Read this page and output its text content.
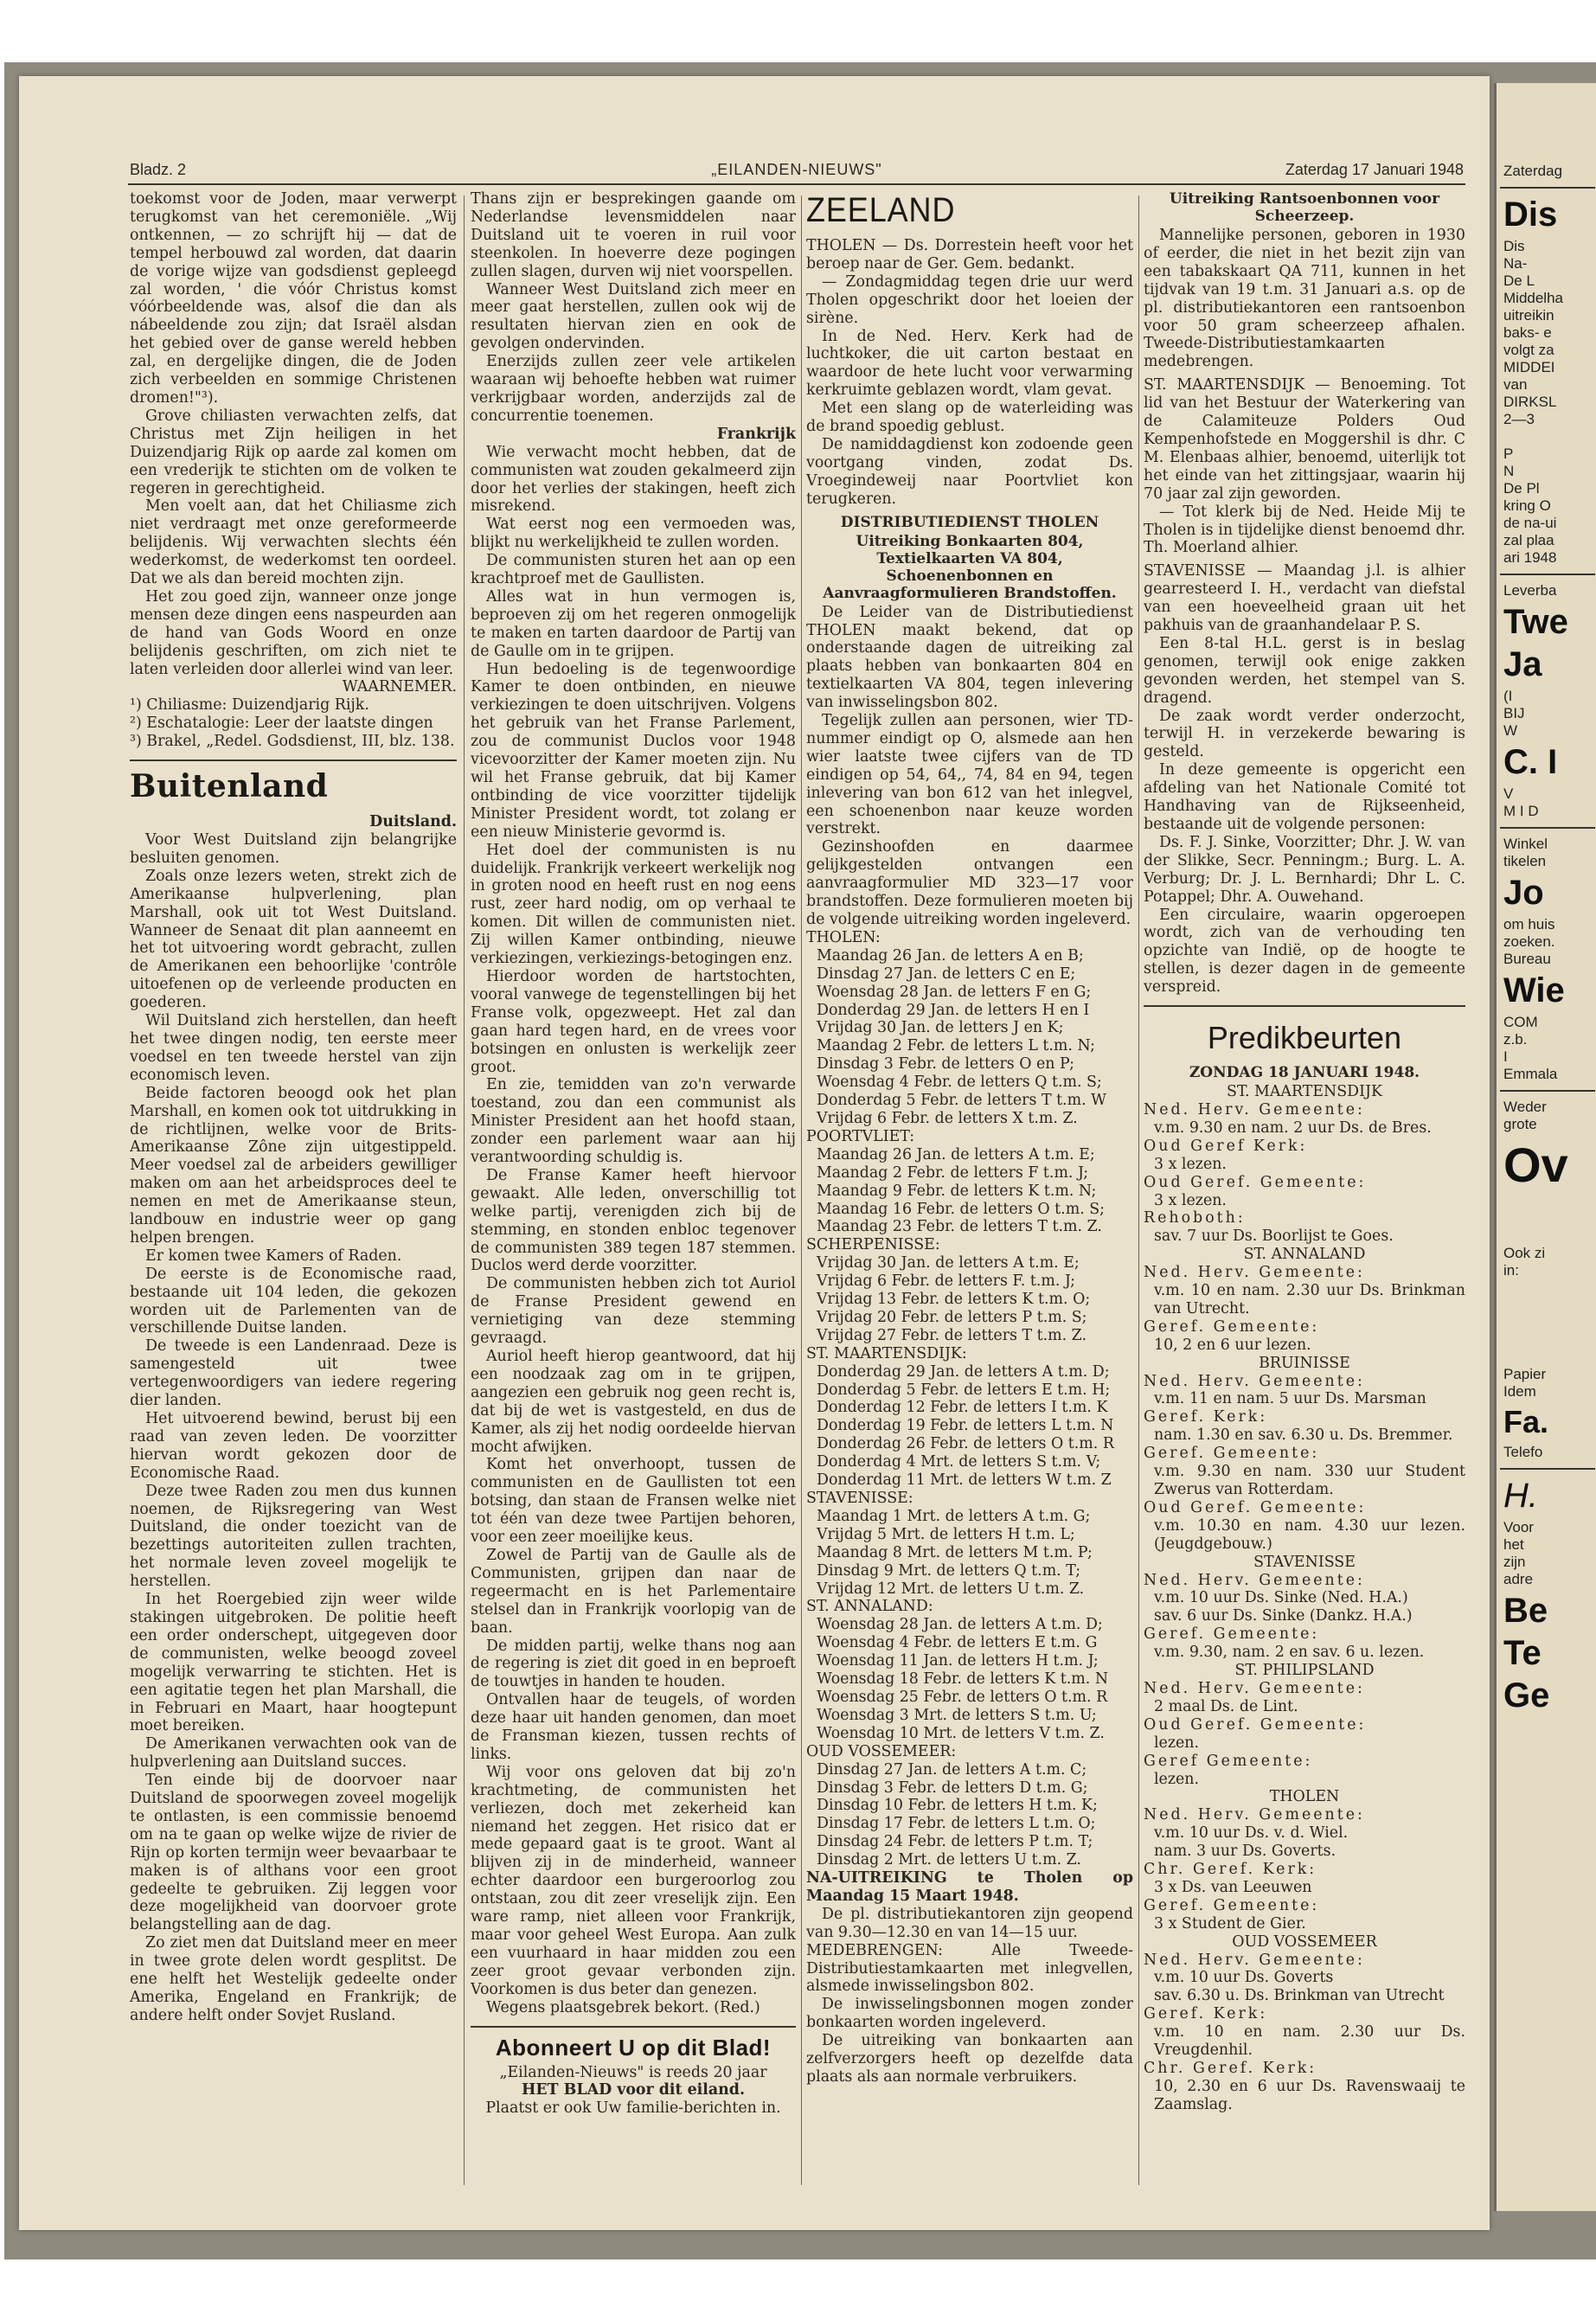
Zaterdag
Dis
Dis
Na-
De L
Middelha
uitreikin
baks- e
volgt za
MIDDEI
van
DIRKSL
2—3
P
N
De Pl
kring O
de na-ui
zal plaa
ari 1948
Leverba
Twe
Ja
(I
BIJ
W
C. I
V
M I D
Winkel
tikelen
Jo
om huis
zoeken.
Bureau
Wie
COM
z.b.
I
Emmala
Weder
grote
Ov
Ook zi
in:
Papier
Idem
Fa.
Telefo
H.
Voor
het
zijn
adre
Be
Te
Ge
Bladz. 2	„EILANDEN-NIEUWS"	Zaterdag 17 Januari 1948

toekomst voor de Joden, maar verwerpt terugkomst van het ceremoniële. „Wij ontkennen, — zo schrijft hij — dat de tempel herbouwd zal worden, dat daarin de vorige wijze van godsdienst gepleegd zal worden, ' die vóór Christus komst vóórbeeldende was, alsof die dan als nábeeldende zou zijn; dat Israël alsdan het gebied over de ganse wereld hebben zal, en dergelijke dingen, die de Joden zich verbeelden en sommige Christenen dromen!"³).

Grove chiliasten verwachten zelfs, dat Christus met Zijn heiligen in het Duizendjarig Rijk op aarde zal komen om een vrederijk te stichten om de volken te regeren in gerechtigheid.

Men voelt aan, dat het Chiliasme zich niet verdraagt met onze gereformeerde belijdenis. Wij verwachten slechts één wederkomst, de wederkomst ten oordeel. Dat we als dan bereid mochten zijn.

Het zou goed zijn, wanneer onze jonge mensen deze dingen eens naspeurden aan de hand van Gods Woord en onze belijdenis geschriften, om zich niet te laten verleiden door allerlei wind van leer.

WAARNEMER.

¹) Chiliasme: Duizendjarig Rijk.

²) Eschatalogie: Leer der laatste dingen

³) Brakel, „Redel. Godsdienst, III, blz. 138.

Buitenland

Duitsland.

Voor West Duitsland zijn belangrijke besluiten genomen.

Zoals onze lezers weten, strekt zich de Amerikaanse hulpverlening, plan Marshall, ook uit tot West Duitsland. Wanneer de Senaat dit plan aanneemt en het tot uitvoering wordt gebracht, zullen de Amerikanen een behoorlijke 'contrôle uitoefenen op de verleende producten en goederen.

Wil Duitsland zich herstellen, dan heeft het twee dingen nodig, ten eerste meer voedsel en ten tweede herstel van zijn economisch leven.

Beide factoren beoogd ook het plan Marshall, en komen ook tot uitdrukking in de richtlijnen, welke voor de Brits-Amerikaanse Zône zijn uitgestippeld. Meer voedsel zal de arbeiders gewilliger maken om aan het arbeidsproces deel te nemen en met de Amerikaanse steun, landbouw en industrie weer op gang helpen brengen.

Er komen twee Kamers of Raden.

De eerste is de Economische raad, bestaande uit 104 leden, die gekozen worden uit de Parlementen van de verschillende Duitse landen.

De tweede is een Landenraad. Deze is samengesteld uit twee vertegenwoordigers van iedere regering dier landen.

Het uitvoerend bewind, berust bij een raad van zeven leden. De voorzitter hiervan wordt gekozen door de Economische Raad.

Deze twee Raden zou men dus kunnen noemen, de Rijksregering van West Duitsland, die onder toezicht van de bezettings autoriteiten zullen trachten, het normale leven zoveel mogelijk te herstellen.

In het Roergebied zijn weer wilde stakingen uitgebroken. De politie heeft een order onderschept, uitgegeven door de communisten, welke beoogd zoveel mogelijk verwarring te stichten. Het is een agitatie tegen het plan Marshall, die in Februari en Maart, haar hoogtepunt moet bereiken.

De Amerikanen verwachten ook van de hulpverlening aan Duitsland succes.

Ten einde bij de doorvoer naar Duitsland de spoorwegen zoveel mogelijk te ontlasten, is een commissie benoemd om na te gaan op welke wijze de rivier de Rijn op korten termijn weer bevaarbaar te maken is of althans voor een groot gedeelte te gebruiken. Zij leggen voor deze mogelijkheid van doorvoer grote belangstelling aan de dag.

Zo ziet men dat Duitsland meer en meer in twee grote delen wordt gesplitst. De ene helft het Westelijk gedeelte onder Amerika, Engeland en Frankrijk; de andere helft onder Sovjet Rusland.

Thans zijn er besprekingen gaande om Nederlandse levensmiddelen naar Duitsland uit te voeren in ruil voor steenkolen. In hoeverre deze pogingen zullen slagen, durven wij niet voorspellen.

Wanneer West Duitsland zich meer en meer gaat herstellen, zullen ook wij de resultaten hiervan zien en ook de gevolgen ondervinden.

Enerzijds zullen zeer vele artikelen waaraan wij behoefte hebben wat ruimer verkrijgbaar worden, anderzijds zal de concurrentie toenemen.

Frankrijk

Wie verwacht mocht hebben, dat de communisten wat zouden gekalmeerd zijn door het verlies der stakingen, heeft zich misrekend.

Wat eerst nog een vermoeden was, blijkt nu werkelijkheid te zullen worden.

De communisten sturen het aan op een krachtproef met de Gaullisten.

Alles wat in hun vermogen is, beproeven zij om het regeren onmogelijk te maken en tarten daardoor de Partij van de Gaulle om in te grijpen.

Hun bedoeling is de tegenwoordige Kamer te doen ontbinden, en nieuwe verkiezingen te doen uitschrijven. Volgens het gebruik van het Franse Parlement, zou de communist Duclos voor 1948 vicevoorzitter der Kamer moeten zijn. Nu wil het Franse gebruik, dat bij Kamer ontbinding de vice voorzitter tijdelijk Minister President wordt, tot zolang er een nieuw Ministerie gevormd is.

Het doel der communisten is nu duidelijk. Frankrijk verkeert werkelijk nog in groten nood en heeft rust en nog eens rust, zeer hard nodig, om op verhaal te komen. Dit willen de communisten niet. Zij willen Kamer ontbinding, nieuwe verkiezingen, verkiezings-betogingen enz.

Hierdoor worden de hartstochten, vooral vanwege de tegenstellingen bij het Franse volk, opgezweept. Het zal dan gaan hard tegen hard, en de vrees voor botsingen en onlusten is werkelijk zeer groot.

En zie, temidden van zo'n verwarde toestand, zou dan een communist als Minister President aan het hoofd staan, zonder een parlement waar aan hij verantwoording schuldig is.

De Franse Kamer heeft hiervoor gewaakt. Alle leden, onverschillig tot welke partij, verenigden zich bij de stemming, en stonden enbloc tegenover de communisten 389 tegen 187 stemmen. Duclos werd derde voorzitter.

De communisten hebben zich tot Auriol de Franse President gewend en vernietiging van deze stemming gevraagd.

Auriol heeft hierop geantwoord, dat hij een noodzaak zag om in te grijpen, aangezien een gebruik nog geen recht is, dat bij de wet is vastgesteld, en dus de Kamer, als zij het nodig oordeelde hiervan mocht afwijken.

Komt het onverhoopt, tussen de communisten en de Gaullisten tot een botsing, dan staan de Fransen welke niet tot één van deze twee Partijen behoren, voor een zeer moeilijke keus.

Zowel de Partij van de Gaulle als de Communisten, grijpen dan naar de regeermacht en is het Parlementaire stelsel dan in Frankrijk voorlopig van de baan.

De midden partij, welke thans nog aan de regering is ziet dit goed in en beproeft de touwtjes in handen te houden.

Ontvallen haar de teugels, of worden deze haar uit handen genomen, dan moet de Fransman kiezen, tussen rechts of links.

Wij voor ons geloven dat bij zo'n krachtmeting, de communisten het verliezen, doch met zekerheid kan niemand het zeggen. Het risico dat er mede gepaard gaat is te groot. Want al blijven zij in de minderheid, wanneer echter daardoor een burgeroorlog zou ontstaan, zou dit zeer vreselijk zijn. Een ware ramp, niet alleen voor Frankrijk, maar voor geheel West Europa. Aan zulk een vuurhaard in haar midden zou een zeer groot gevaar verbonden zijn. Voorkomen is dus beter dan genezen.

Wegens plaatsgebrek bekort. (Red.)

Abonneert U op dit Blad!

„Eilanden-Nieuws" is reeds 20 jaar

HET BLAD voor dit eiland.

Plaatst er ook Uw familie-berichten in.

ZEELAND

THOLEN — Ds. Dorrestein heeft voor het beroep naar de Ger. Gem. bedankt.

— Zondagmiddag tegen drie uur werd Tholen opgeschrikt door het loeien der sirène.

In de Ned. Herv. Kerk had de luchtkoker, die uit carton bestaat en waardoor de hete lucht voor verwarming kerkruimte geblazen wordt, vlam gevat.

Met een slang op de waterleiding was de brand spoedig geblust.

De namiddagdienst kon zodoende geen voortgang vinden, zodat Ds. Vroegindeweij naar Poortvliet kon terugkeren.

DISTRIBUTIEDIENST THOLEN
Uitreiking Bonkaarten 804, Textielkaarten VA 804, Schoenenbonnen en Aanvraagformulieren Brandstoffen.

De Leider van de Distributiedienst THOLEN maakt bekend, dat op onderstaande dagen de uitreiking zal plaats hebben van bonkaarten 804 en textielkaarten VA 804, tegen inlevering van inwisselingsbon 802.

Tegelijk zullen aan personen, wier TD-nummer eindigt op O, alsmede aan hen wier laatste twee cijfers van de TD eindigen op 54, 64,, 74, 84 en 94, tegen inlevering van bon 612 van het inlegvel, een schoenenbon naar keuze worden verstrekt.

Gezinshoofden en daarmee gelijkgestelden ontvangen een aanvraagformulier MD 323—17 voor brandstoffen. Deze formulieren moeten bij de volgende uitreiking worden ingeleverd.

THOLEN:

Maandag 26 Jan. de letters A en B;

Dinsdag 27 Jan. de letters C en E;

Woensdag 28 Jan. de letters F en G;

Donderdag 29 Jan. de letters H en I

Vrijdag 30 Jan. de letters J en K;

Maandag 2 Febr. de letters L t.m. N;

Dinsdag 3 Febr. de letters O en P;

Woensdag 4 Febr. de letters Q t.m. S;

Donderdag 5 Febr. de letters T t.m. W

Vrijdag 6 Febr. de letters X t.m. Z.

POORTVLIET:

Maandag 26 Jan. de letters A t.m. E;

Maandag 2 Febr. de letters F t.m. J;

Maandag 9 Febr. de letters K t.m. N;

Maandag 16 Febr. de letters O t.m. S;

Maandag 23 Febr. de letters T t.m. Z.

SCHERPENISSE:

Vrijdag 30 Jan. de letters A t.m. E;

Vrijdag 6 Febr. de letters F. t.m. J;

Vrijdag 13 Febr. de letters K t.m. O;

Vrijdag 20 Febr. de letters P t.m. S;

Vrijdag 27 Febr. de letters T t.m. Z.

ST. MAARTENSDIJK:

Donderdag 29 Jan. de letters A t.m. D;

Donderdag 5 Febr. de letters E t.m. H;

Donderdag 12 Febr. de letters I t.m. K

Donderdag 19 Febr. de letters L t.m. N

Donderdag 26 Febr. de letters O t.m. R

Donderdag 4 Mrt. de letters S t.m. V;

Donderdag 11 Mrt. de letters W t.m. Z

STAVENISSE:

Maandag 1 Mrt. de letters A t.m. G;

Vrijdag 5 Mrt. de letters H t.m. L;

Maandag 8 Mrt. de letters M t.m. P;

Dinsdag 9 Mrt. de letters Q t.m. T;

Vrijdag 12 Mrt. de letters U t.m. Z.

ST. ANNALAND:

Woensdag 28 Jan. de letters A t.m. D;

Woensdag 4 Febr. de letters E t.m. G

Woensdag 11 Jan. de letters H t.m. J;

Woensdag 18 Febr. de letters K t.m. N

Woensdag 25 Febr. de letters O t.m. R

Woensdag 3 Mrt. de letters S t.m. U;

Woensdag 10 Mrt. de letters V t.m. Z.

OUD VOSSEMEER:

Dinsdag 27 Jan. de letters A t.m. C;

Dinsdag 3 Febr. de letters D t.m. G;

Dinsdag 10 Febr. de letters H t.m. K;

Dinsdag 17 Febr. de letters L t.m. O;

Dinsdag 24 Febr. de letters P t.m. T;

Dinsdag 2 Mrt. de letters U t.m. Z.

NA-UITREIKING te Tholen op Maandag 15 Maart 1948.

De pl. distributiekantoren zijn geopend van 9.30—12.30 en van 14—15 uur.

MEDEBRENGEN: Alle Tweede-Distributiestamkaarten met inlegvellen, alsmede inwisselingsbon 802.

De inwisselingsbonnen mogen zonder bonkaarten worden ingeleverd.

De uitreiking van bonkaarten aan zelfverzorgers heeft op dezelfde data plaats als aan normale verbruikers.

Uitreiking Rantsoenbonnen voor Scheerzeep.

Mannelijke personen, geboren in 1930 of eerder, die niet in het bezit zijn van een tabakskaart QA 711, kunnen in het tijdvak van 19 t.m. 31 Januari a.s. op de pl. distributiekantoren een rantsoenbon voor 50 gram scheerzeep afhalen. Tweede-Distributiestamkaarten medebrengen.

ST. MAARTENSDIJK — Benoeming. Tot lid van het Bestuur der Waterkering van de Calamiteuze Polders Oud Kempenhofstede en Moggershil is dhr. C M. Elenbaas alhier, benoemd, uiterlijk tot het einde van het zittingsjaar, waarin hij 70 jaar zal zijn geworden.

— Tot klerk bij de Ned. Heide Mij te Tholen is in tijdelijke dienst benoemd dhr. Th. Moerland alhier.

STAVENISSE — Maandag j.l. is alhier gearresteerd I. H., verdacht van diefstal van een hoeveelheid graan uit het pakhuis van de graanhandelaar P. S.

Een 8-tal H.L. gerst is in beslag genomen, terwijl ook enige zakken gevonden werden, het stempel van S. dragend.

De zaak wordt verder onderzocht, terwijl H. in verzekerde bewaring is gesteld.

In deze gemeente is opgericht een afdeling van het Nationale Comité tot Handhaving van de Rijkseenheid, bestaande uit de volgende personen:

Ds. F. J. Sinke, Voorzitter; Dhr. J. W. van der Slikke, Secr. Penningm.; Burg. L. A. Verburg; Dr. J. L. Bernhardi; Dhr L. C. Potappel; Dhr. A. Ouwehand.

Een circulaire, waarin opgeroepen wordt, zich van de verhouding ten opzichte van Indië, op de hoogte te stellen, is dezer dagen in de gemeente verspreid.

Predikbeurten
ZONDAG 18 JANUARI 1948.

ST. MAARTENSDIJK

Ned. Herv. Gemeente:

v.m. 9.30 en nam. 2 uur Ds. de Bres.

Oud Geref Kerk:

3 x lezen.

Oud Geref. Gemeente:

3 x lezen.

Rehoboth:

sav. 7 uur Ds. Boorlijst te Goes.

ST. ANNALAND

Ned. Herv. Gemeente:

v.m. 10 en nam. 2.30 uur Ds. Brinkman van Utrecht.

Geref. Gemeente:

10, 2 en 6 uur lezen.

BRUINISSE

Ned. Herv. Gemeente:

v.m. 11 en nam. 5 uur Ds. Marsman

Geref. Kerk:

nam. 1.30 en sav. 6.30 u. Ds. Bremmer.

Geref. Gemeente:

v.m. 9.30 en nam. 330 uur Student Zwerus van Rotterdam.

Oud Geref. Gemeente:

v.m. 10.30 en nam. 4.30 uur lezen. (Jeugdgebouw.)

STAVENISSE

Ned. Herv. Gemeente:

v.m. 10 uur Ds. Sinke (Ned. H.A.)

sav. 6 uur Ds. Sinke (Dankz. H.A.)

Geref. Gemeente:

v.m. 9.30, nam. 2 en sav. 6 u. lezen.

ST. PHILIPSLAND

Ned. Herv. Gemeente:

2 maal Ds. de Lint.

Oud Geref. Gemeente:

lezen.

Geref Gemeente:

lezen.

THOLEN

Ned. Herv. Gemeente:

v.m. 10 uur Ds. v. d. Wiel.

nam. 3 uur Ds. Goverts.

Chr. Geref. Kerk:

3 x Ds. van Leeuwen

Geref. Gemeente:

3 x Student de Gier.

OUD VOSSEMEER

Ned. Herv. Gemeente:

v.m. 10 uur Ds. Goverts

sav. 6.30 u. Ds. Brinkman van Utrecht

Geref. Kerk:

v.m. 10 en nam. 2.30 uur Ds. Vreugdenhil.

Chr. Geref. Kerk:

10, 2.30 en 6 uur Ds. Ravenswaaij te Zaamslag.
